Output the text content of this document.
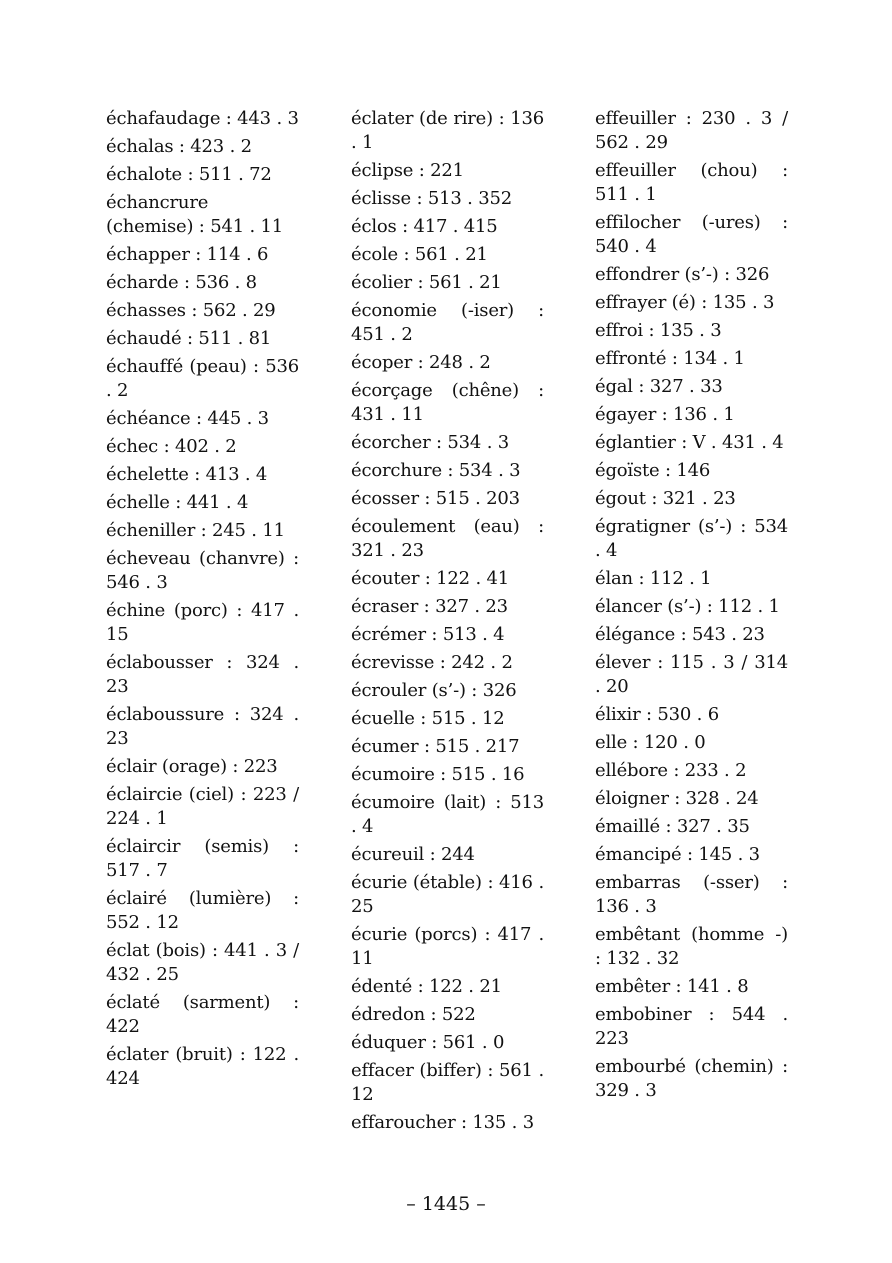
échafaudage : 443 . 3
échalas : 423 . 2
échalote : 511 . 72
échancrure (chemise) : 541 . 11
échapper : 114 . 6
écharde : 536 . 8
échasses : 562 . 29
échaudé : 511 . 81
échauffé (peau) : 536 . 2
échéance : 445 . 3
échec : 402 . 2
échelette : 413 . 4
échelle : 441 . 4
écheniller : 245 . 11
écheveau (chanvre) : 546 . 3
échine (porc) : 417 . 15
éclabousser : 324 . 23
éclaboussure : 324 . 23
éclair (orage) : 223
éclaircie (ciel) : 223 / 224 . 1
éclaircir (semis) : 517 . 7
éclairé (lumière) : 552 . 12
éclat (bois) : 441 . 3 / 432 . 25
éclaté (sarment) : 422
éclater (bruit) : 122 . 424
éclater (de rire) : 136 . 1
éclipse : 221
éclisse : 513 . 352
éclos : 417 . 415
école : 561 . 21
écolier : 561 . 21
économie (-iser) : 451 . 2
écoper : 248 . 2
écorçage (chêne) : 431 . 11
écorcher : 534 . 3
écorchure : 534 . 3
écosser : 515 . 203
écoulement (eau) : 321 . 23
écouter : 122 . 41
écraser : 327 . 23
écrémer : 513 . 4
écrevisse : 242 . 2
écrouler (s’-) : 326
écuelle : 515 . 12
écumer : 515 . 217
écumoire : 515 . 16
écumoire (lait) : 513 . 4
écureuil : 244
écurie (étable) : 416 . 25
écurie (porcs) : 417 . 11
édenté : 122 . 21
édredon : 522
éduquer : 561 . 0
effacer (biffer) : 561 . 12
effaroucher : 135 . 3
effeuiller : 230 . 3 / 562 . 29
effeuiller (chou) : 511 . 1
effilocher (-ures) : 540 . 4
effondrer (s’-) : 326
effrayer (é) : 135 . 3
effroi : 135 . 3
effronté : 134 . 1
égal : 327 . 33
égayer : 136 . 1
églantier : V . 431 . 4
égoïste : 146
égout : 321 . 23
égratigner (s’-) : 534 . 4
élan : 112 . 1
élancer (s’-) : 112 . 1
élégance : 543 . 23
élever : 115 . 3 / 314 . 20
élixir : 530 . 6
elle : 120 . 0
ellébore : 233 . 2
éloigner : 328 . 24
émaillé : 327 . 35
émancipé : 145 . 3
embarras (-sser) : 136 . 3
embêtant (homme -) : 132 . 32
embêter : 141 . 8
embobiner : 544 . 223
embourbé (chemin) : 329 . 3
– 1445 –
